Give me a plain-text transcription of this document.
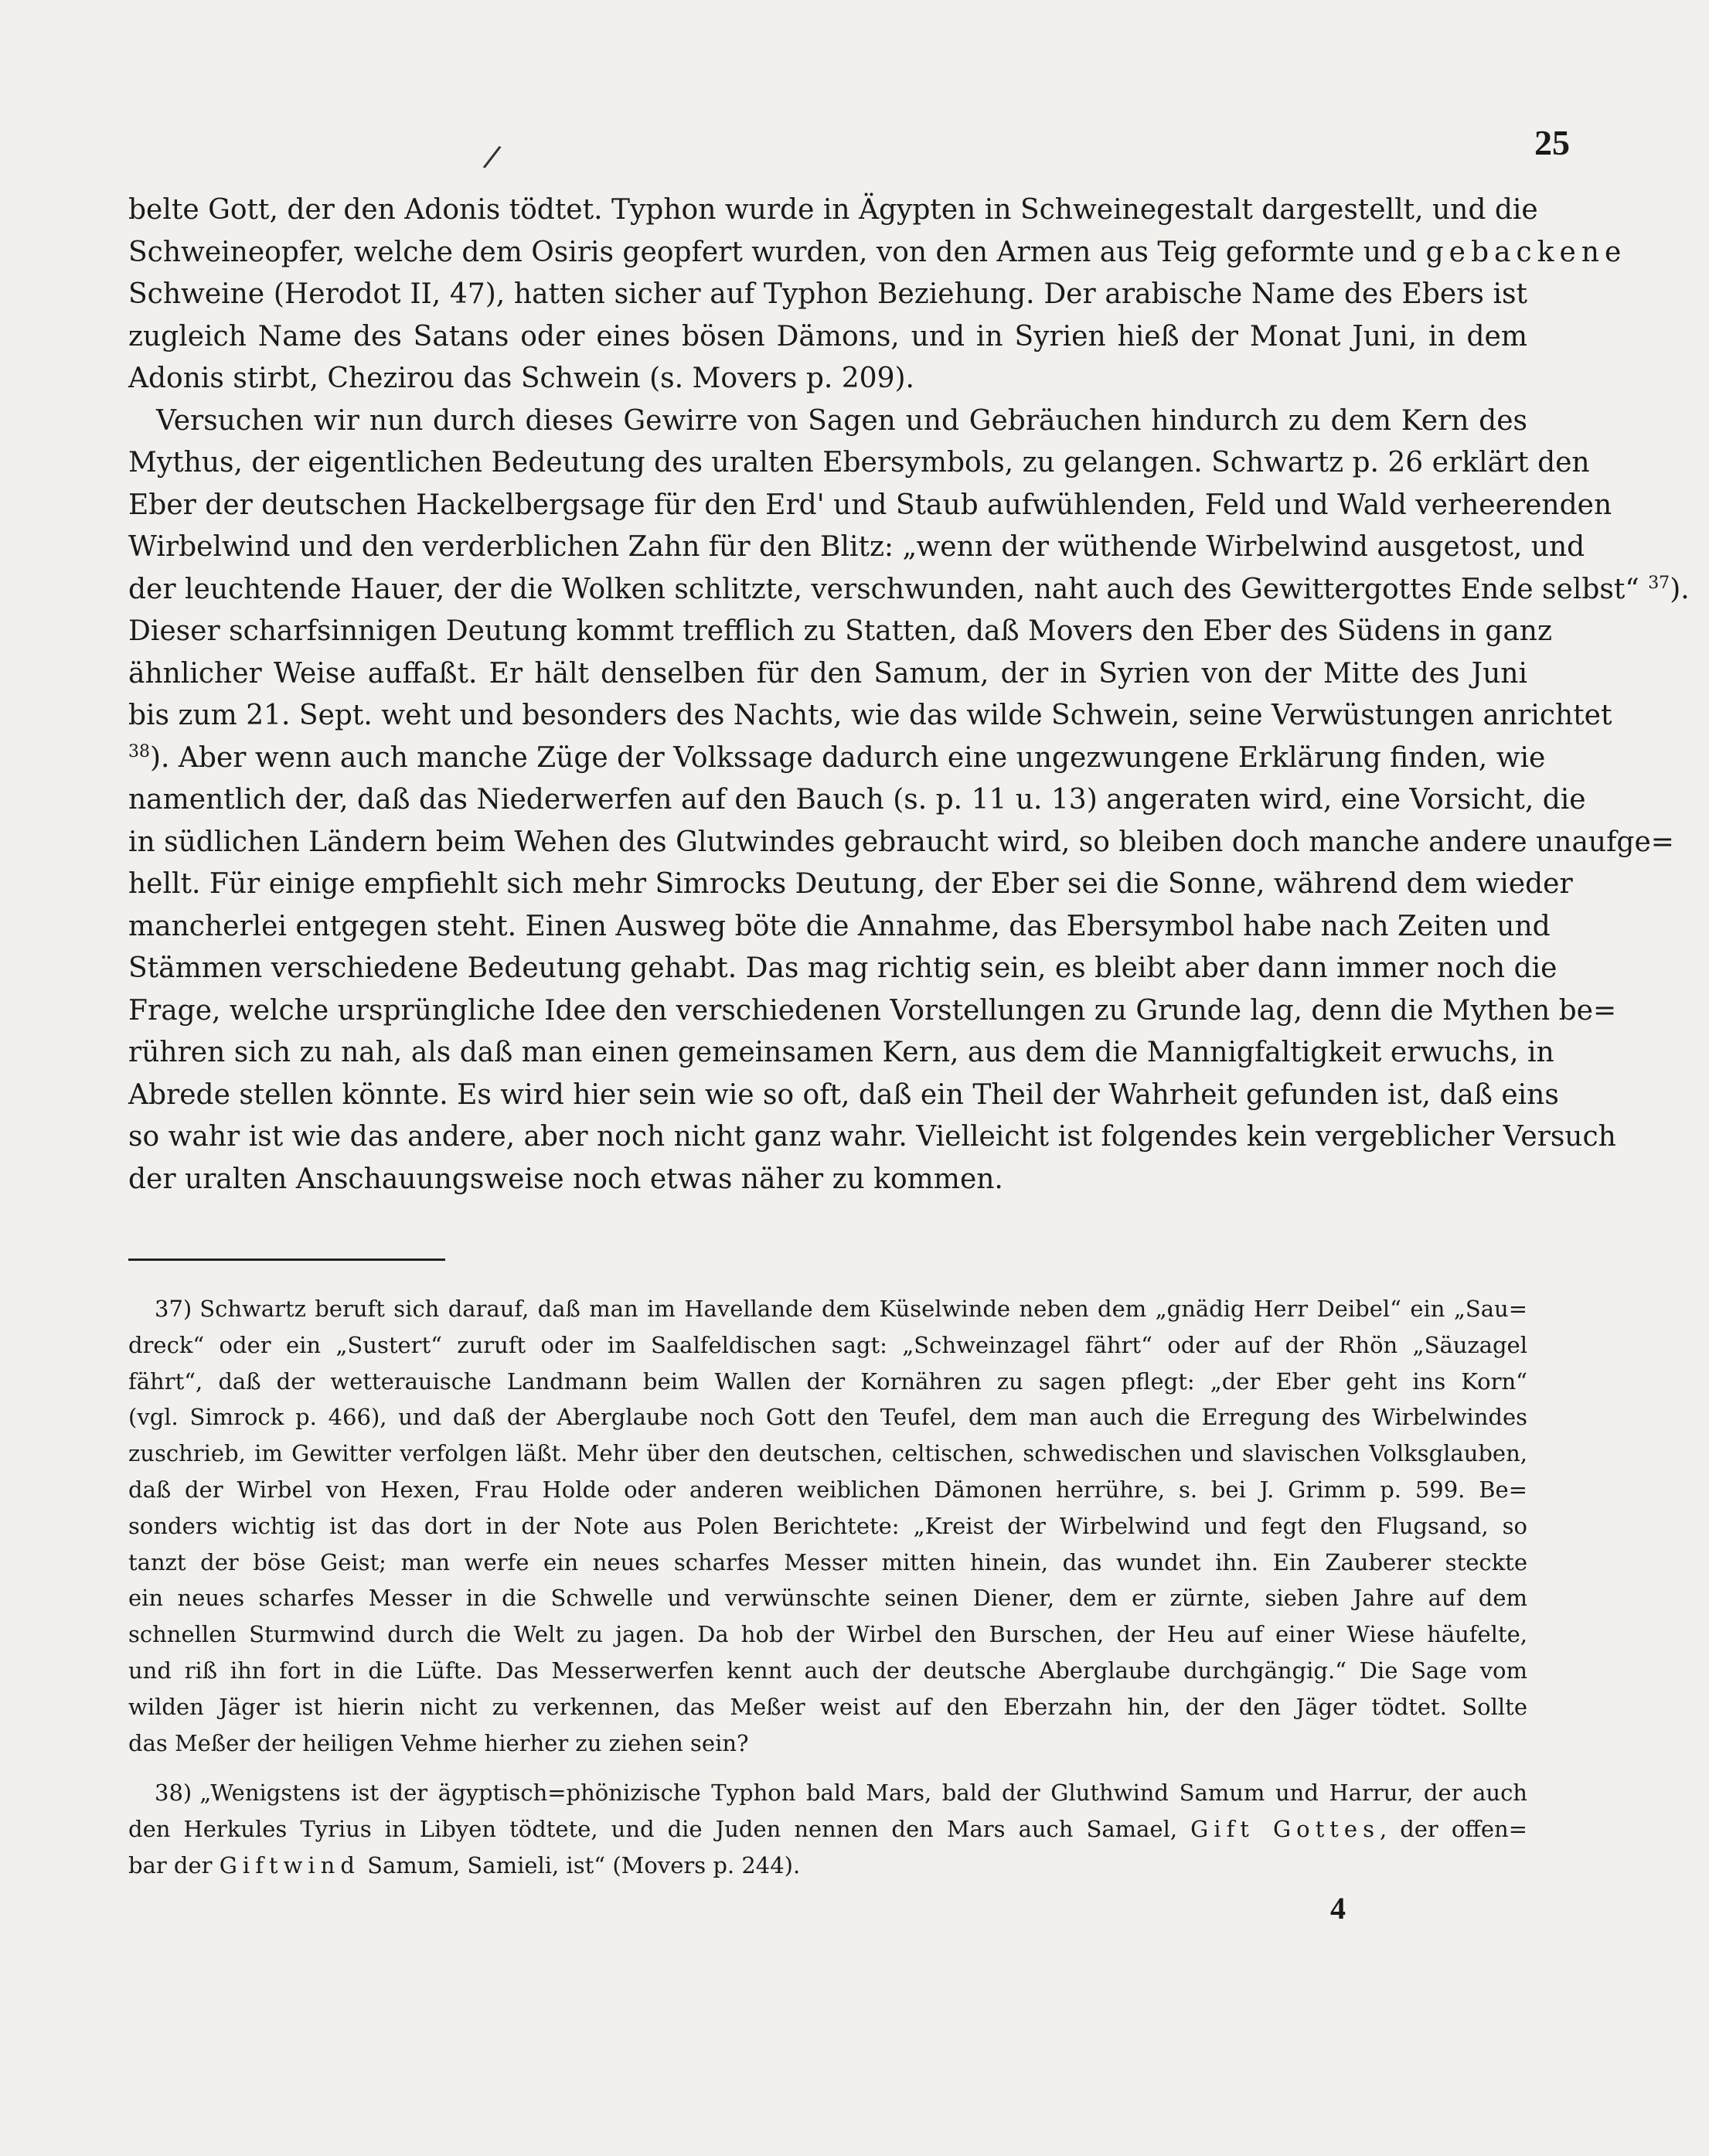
/	25
belte Gott, der den Adonis tödtet. Typhon wurde in Ägypten in Schweinegestalt dargestellt, und die
Schweineopfer, welche dem Osiris geopfert wurden, von den Armen aus Teig geformte und gebackene
Schweine (Herodot II, 47), hatten sicher auf Typhon Beziehung. Der arabische Name des Ebers ist
zugleich Name des Satans oder eines bösen Dämons, und in Syrien hieß der Monat Juni, in dem
Adonis stirbt, Chezirou das Schwein (s. Movers p. 209).
Versuchen wir nun durch dieses Gewirre von Sagen und Gebräuchen hindurch zu dem Kern des
Mythus, der eigentlichen Bedeutung des uralten Ebersymbols, zu gelangen. Schwartz p. 26 erklärt den
Eber der deutschen Hackelbergsage für den Erd' und Staub aufwühlenden, Feld und Wald verheerenden
Wirbelwind und den verderblichen Zahn für den Blitz: „wenn der wüthende Wirbelwind ausgetost, und
der leuchtende Hauer, der die Wolken schlitzte, verschwunden, naht auch des Gewittergottes Ende selbst“ $^{37}$).
Dieser scharfsinnigen Deutung kommt trefflich zu Statten, daß Movers den Eber des Südens in ganz
ähnlicher Weise auffaßt. Er hält denselben für den Samum, der in Syrien von der Mitte des Juni
bis zum 21. Sept. weht und besonders des Nachts, wie das wilde Schwein, seine Verwüstungen anrichtet
$^{38}$). Aber wenn auch manche Züge der Volkssage dadurch eine ungezwungene Erklärung finden, wie
namentlich der, daß das Niederwerfen auf den Bauch (s. p. 11 u. 13) angeraten wird, eine Vorsicht, die
in südlichen Ländern beim Wehen des Glutwindes gebraucht wird, so bleiben doch manche andere unaufge=
hellt. Für einige empfiehlt sich mehr Simrocks Deutung, der Eber sei die Sonne, während dem wieder
mancherlei entgegen steht. Einen Ausweg böte die Annahme, das Ebersymbol habe nach Zeiten und
Stämmen verschiedene Bedeutung gehabt. Das mag richtig sein, es bleibt aber dann immer noch die
Frage, welche ursprüngliche Idee den verschiedenen Vorstellungen zu Grunde lag, denn die Mythen be=
rühren sich zu nah, als daß man einen gemeinsamen Kern, aus dem die Mannigfaltigkeit erwuchs, in
Abrede stellen könnte. Es wird hier sein wie so oft, daß ein Theil der Wahrheit gefunden ist, daß eins
so wahr ist wie das andere, aber noch nicht ganz wahr. Vielleicht ist folgendes kein vergeblicher Versuch
der uralten Anschauungsweise noch etwas näher zu kommen.
37) Schwartz beruft sich darauf, daß man im Havellande dem Küselwinde neben dem „gnädig Herr Deibel“ ein „Sau=
dreck“ oder ein „Sustert“ zuruft oder im Saalfeldischen sagt: „Schweinzagel fährt“ oder auf der Rhön „Säuzagel
fährt“, daß der wetterauische Landmann beim Wallen der Kornähren zu sagen pflegt: „der Eber geht ins Korn“
(vgl. Simrock p. 466), und daß der Aberglaube noch Gott den Teufel, dem man auch die Erregung des Wirbelwindes
zuschrieb, im Gewitter verfolgen läßt. Mehr über den deutschen, celtischen, schwedischen und slavischen Volksglauben,
daß der Wirbel von Hexen, Frau Holde oder anderen weiblichen Dämonen herrühre, s. bei J. Grimm p. 599. Be=
sonders wichtig ist das dort in der Note aus Polen Berichtete: „Kreist der Wirbelwind und fegt den Flugsand, so
tanzt der böse Geist; man werfe ein neues scharfes Messer mitten hinein, das wundet ihn. Ein Zauberer steckte
ein neues scharfes Messer in die Schwelle und verwünschte seinen Diener, dem er zürnte, sieben Jahre auf dem
schnellen Sturmwind durch die Welt zu jagen. Da hob der Wirbel den Burschen, der Heu auf einer Wiese häufelte,
und riß ihn fort in die Lüfte. Das Messerwerfen kennt auch der deutsche Aberglaube durchgängig.“ Die Sage vom
wilden Jäger ist hierin nicht zu verkennen, das Meßer weist auf den Eberzahn hin, der den Jäger tödtet. Sollte
das Meßer der heiligen Vehme hierher zu ziehen sein?
38) „Wenigstens ist der ägyptisch=phönizische Typhon bald Mars, bald der Gluthwind Samum und Harrur, der auch
den Herkules Tyrius in Libyen tödtete, und die Juden nennen den Mars auch Samael, Gift Gottes, der offen=
bar der Giftwind Samum, Samieli, ist“ (Movers p. 244).
4
